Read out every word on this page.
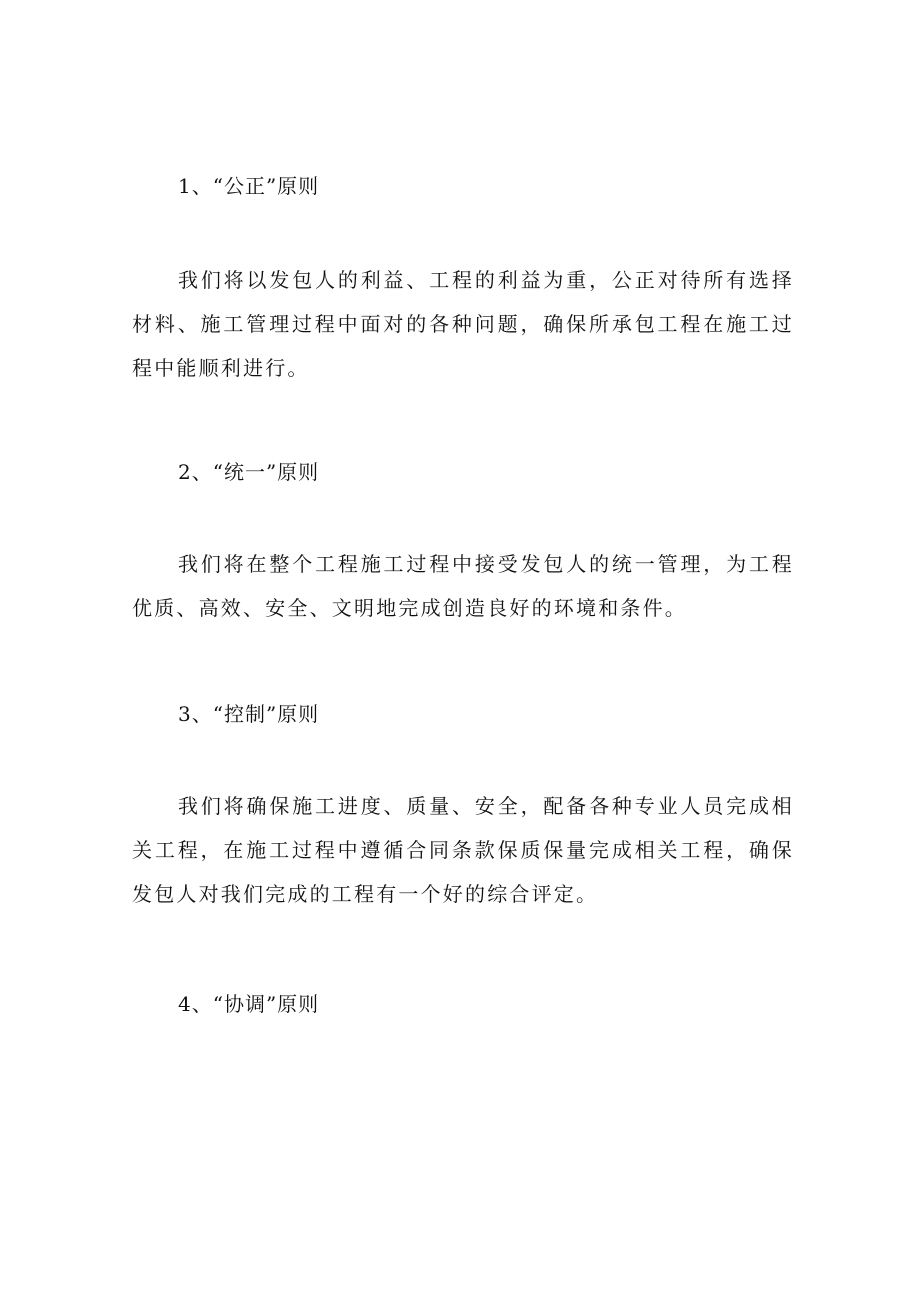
1、“公正”原则
我们将以发包人的利益、工程的利益为重，公正对待所有选择材料、施工管理过程中面对的各种问题，确保所承包工程在施工过程中能顺利进行。
2、“统一”原则
我们将在整个工程施工过程中接受发包人的统一管理，为工程优质、高效、安全、文明地完成创造良好的环境和条件。
3、“控制”原则
我们将确保施工进度、质量、安全，配备各种专业人员完成相关工程，在施工过程中遵循合同条款保质保量完成相关工程，确保发包人对我们完成的工程有一个好的综合评定。
4、“协调”原则
